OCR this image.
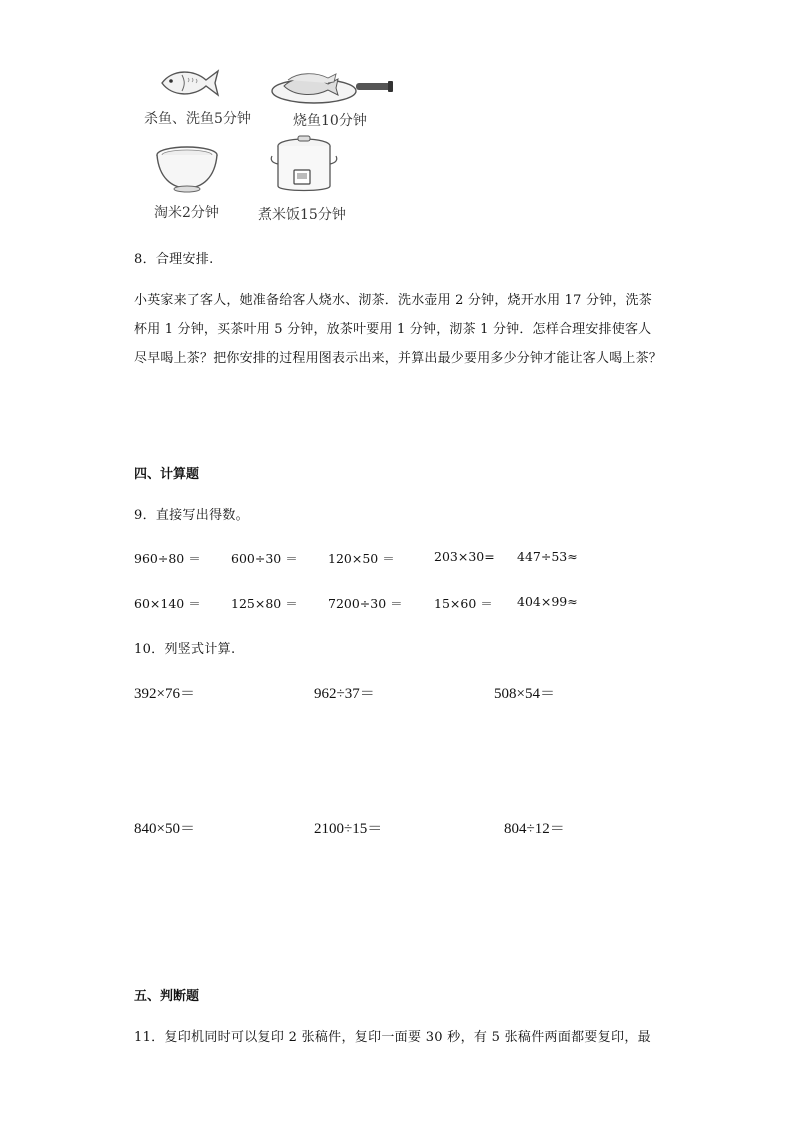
杀鱼、洗鱼5分钟	烧鱼10分钟
淘米2分钟	煮米饭15分钟
8．合理安排.
小英家来了客人，她准备给客人烧水、沏茶．洗水壶用 2 分钟，烧开水用 17 分钟，洗茶杯用 1 分钟，买茶叶用 5 分钟，放茶叶要用 1 分钟，沏茶 1 分钟．怎样合理安排使客人尽早喝上茶？把你安排的过程用图表示出来，并算出最少要用多少分钟才能让客人喝上茶？
四、计算题
9．直接写出得数。
960÷80 ＝ 600÷30 ＝ 120×50 ＝	203×30= 447÷53≈
60×140 ＝ 125×80 ＝ 7200÷30 ＝	15×60 ＝ 404×99≈
10．列竖式计算.
392×76＝	962÷37＝	508×54＝
840×50＝	2100÷15＝	804÷12＝
五、判断题
11．复印机同时可以复印 2 张稿件，复印一面要 30 秒，有 5 张稿件两面都要复印，最
